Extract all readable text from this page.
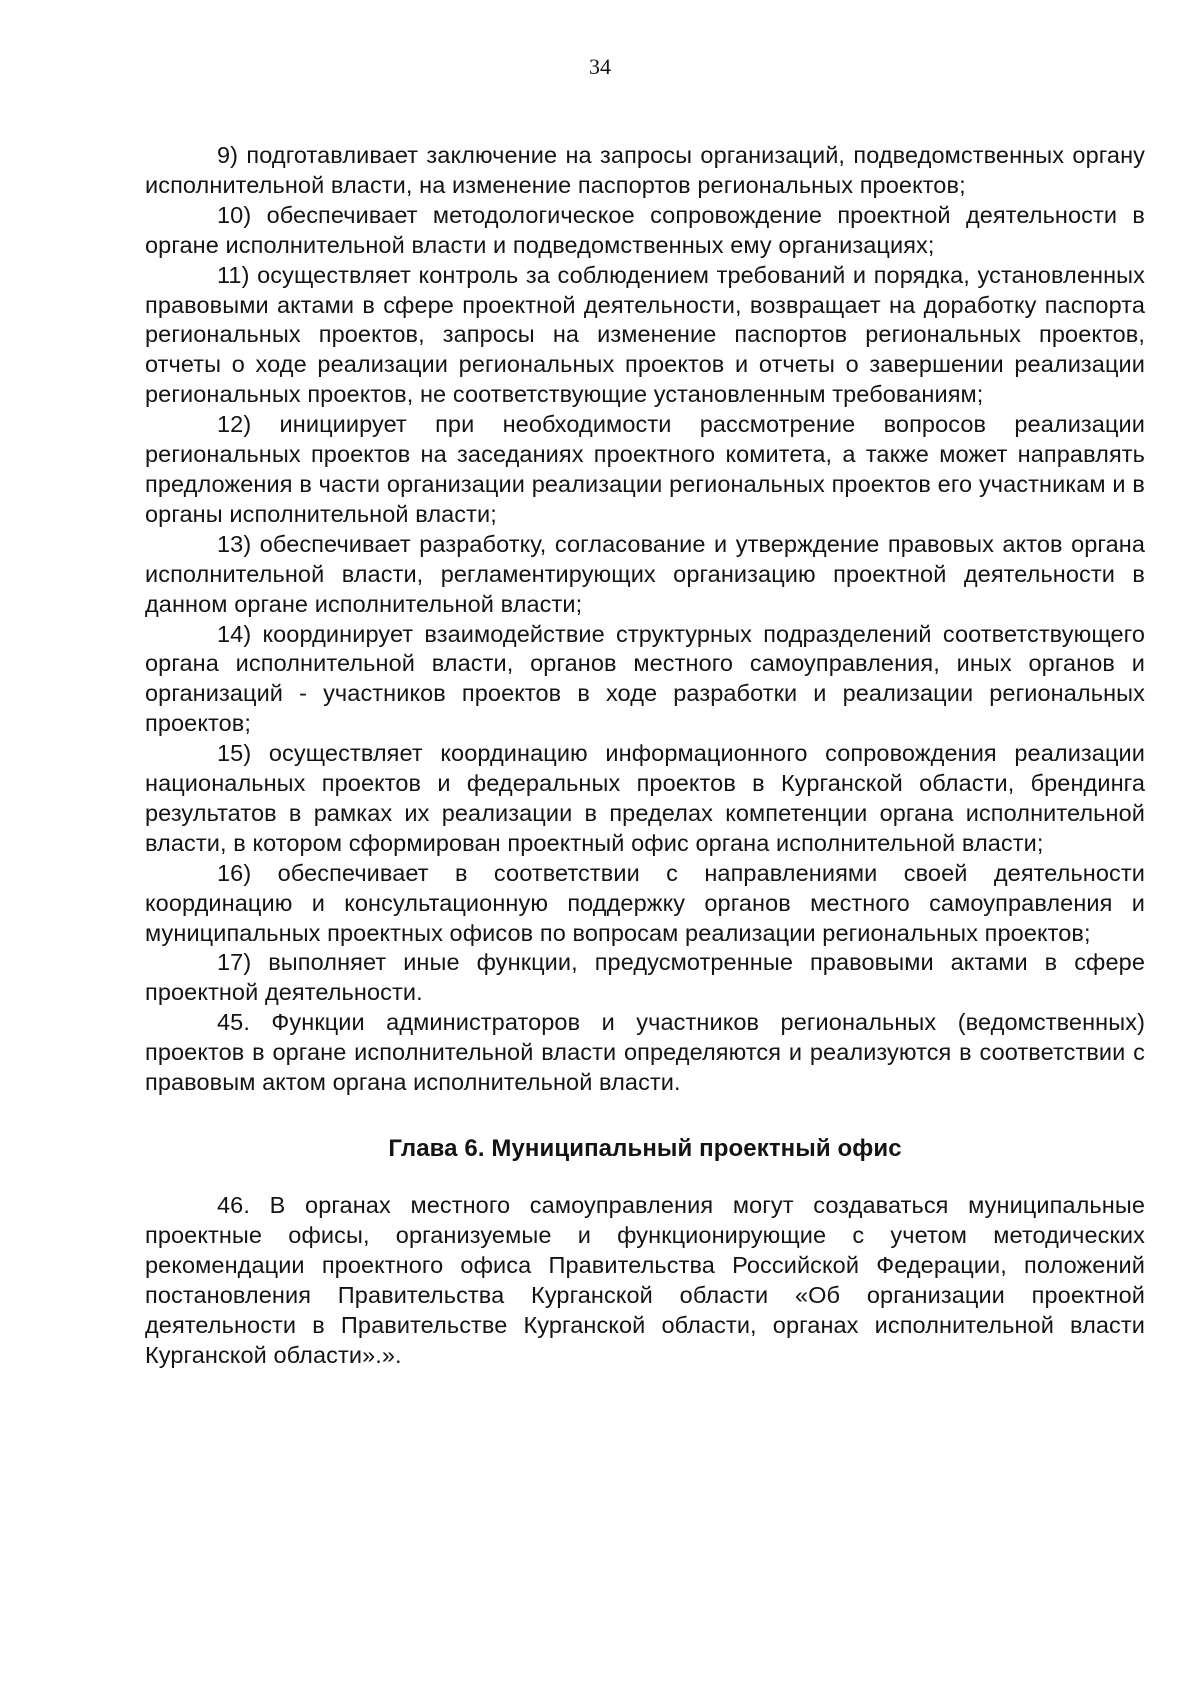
34

9) подготавливает заключение на запросы организаций, подведомственных органу исполнительной власти, на изменение паспортов региональных проектов;

10) обеспечивает методологическое сопровождение проектной деятельности в органе исполнительной власти и подведомственных ему организациях;

11) осуществляет контроль за соблюдением требований и порядка, установленных правовыми актами в сфере проектной деятельности, возвращает на доработку паспорта региональных проектов, запросы на изменение паспортов региональных проектов, отчеты о ходе реализации региональных проектов и отчеты о завершении реализации региональных проектов, не соответствующие установленным требованиям;

12) инициирует при необходимости рассмотрение вопросов реализации региональных проектов на заседаниях проектного комитета, а также может направлять предложения в части организации реализации региональных проектов его участникам и в органы исполнительной власти;

13) обеспечивает разработку, согласование и утверждение правовых актов органа исполнительной власти, регламентирующих организацию проектной деятельности в данном органе исполнительной власти;

14) координирует взаимодействие структурных подразделений соответствующего органа исполнительной власти, органов местного самоуправления, иных органов и организаций - участников проектов в ходе разработки и реализации региональных проектов;

15) осуществляет координацию информационного сопровождения реализации национальных проектов и федеральных проектов в Курганской области, брендинга результатов в рамках их реализации в пределах компетенции органа исполнительной власти, в котором сформирован проектный офис органа исполнительной власти;

16) обеспечивает в соответствии с направлениями своей деятельности координацию и консультационную поддержку органов местного самоуправления и муниципальных проектных офисов по вопросам реализации региональных проектов;

17) выполняет иные функции, предусмотренные правовыми актами в сфере проектной деятельности.

45. Функции администраторов и участников региональных (ведомственных) проектов в органе исполнительной власти определяются и реализуются в соответствии с правовым актом органа исполнительной власти.

Глава 6. Муниципальный проектный офис

46. В органах местного самоуправления могут создаваться муниципальные проектные офисы, организуемые и функционирующие с учетом методических рекомендации проектного офиса Правительства Российской Федерации, положений постановления Правительства Курганской области «Об организации проектной деятельности в Правительстве Курганской области, органах исполнительной власти Курганской области».».
